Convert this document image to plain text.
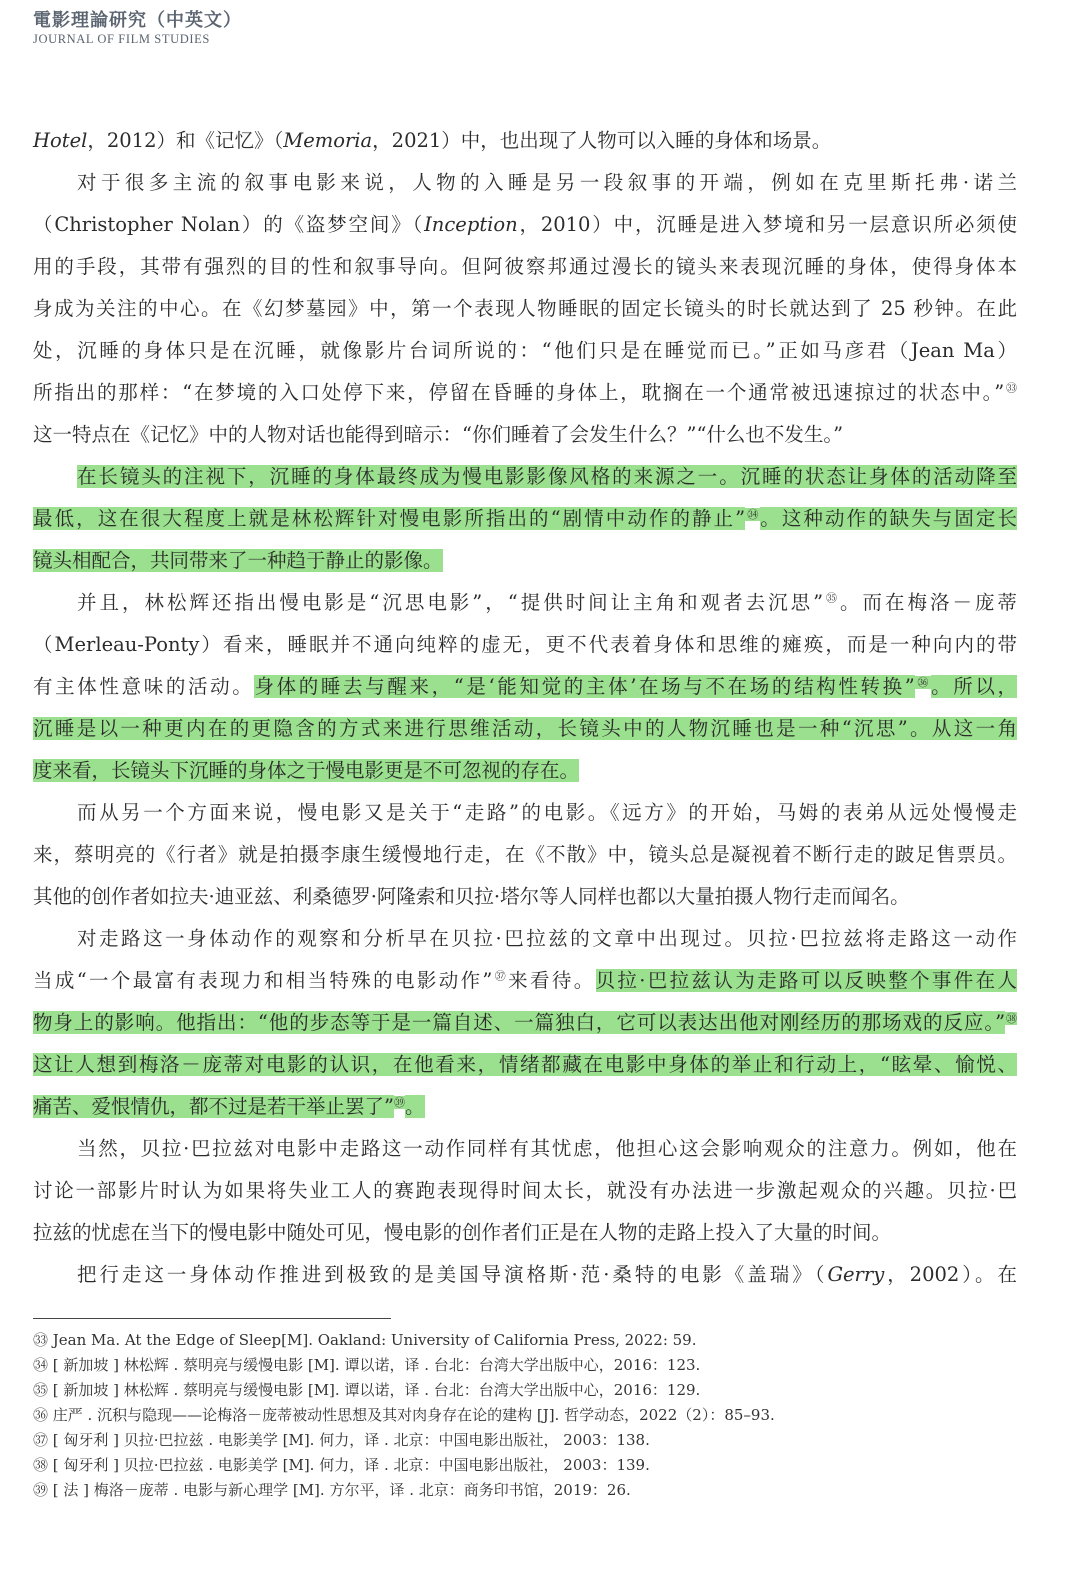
電影理論研究（中英文）
JOURNAL OF FILM STUDIES
Hotel，2012）和《记忆》（Memoria，2021）中，也出现了人物可以入睡的身体和场景。
对于很多主流的叙事电影来说，人物的入睡是另一段叙事的开端，例如在克里斯托弗·诺兰
（Christopher Nolan）的《盗梦空间》（Inception，2010）中，沉睡是进入梦境和另一层意识所必须使
用的手段，其带有强烈的目的性和叙事导向。但阿彼察邦通过漫长的镜头来表现沉睡的身体，使得身体本
身成为关注的中心。在《幻梦墓园》中，第一个表现人物睡眠的固定长镜头的时长就达到了 25 秒钟。在此
处，沉睡的身体只是在沉睡，就像影片台词所说的：“他们只是在睡觉而已。”正如马彦君（Jean Ma）
所指出的那样：“在梦境的入口处停下来，停留在昏睡的身体上，耽搁在一个通常被迅速掠过的状态中。”$^㉝$
这一特点在《记忆》中的人物对话也能得到暗示：“你们睡着了会发生什么？”“什么也不发生。”
在长镜头的注视下，沉睡的身体最终成为慢电影影像风格的来源之一。沉睡的状态让身体的活动降至
最低，这在很大程度上就是林松辉针对慢电影所指出的“剧情中动作的静止”$^㉞$。这种动作的缺失与固定长
镜头相配合，共同带来了一种趋于静止的影像。
并且，林松辉还指出慢电影是“沉思电影”，“提供时间让主角和观者去沉思”$^㉟$。而在梅洛－庞蒂
（Merleau-Ponty）看来，睡眠并不通向纯粹的虚无，更不代表着身体和思维的瘫痪，而是一种向内的带
有主体性意味的活动。身体的睡去与醒来，“是‘能知觉的主体’在场与不在场的结构性转换”$^㊱$。所以，
沉睡是以一种更内在的更隐含的方式来进行思维活动，长镜头中的人物沉睡也是一种“沉思”。从这一角
度来看，长镜头下沉睡的身体之于慢电影更是不可忽视的存在。
而从另一个方面来说，慢电影又是关于“走路”的电影。《远方》的开始，马姆的表弟从远处慢慢走
来，蔡明亮的《行者》就是拍摄李康生缓慢地行走，在《不散》中，镜头总是凝视着不断行走的跛足售票员。
其他的创作者如拉夫·迪亚兹、利桑德罗·阿隆索和贝拉·塔尔等人同样也都以大量拍摄人物行走而闻名。
对走路这一身体动作的观察和分析早在贝拉·巴拉兹的文章中出现过。贝拉·巴拉兹将走路这一动作
当成“一个最富有表现力和相当特殊的电影动作”$^㊲$来看待。贝拉·巴拉兹认为走路可以反映整个事件在人
物身上的影响。他指出：“他的步态等于是一篇自述、一篇独白，它可以表达出他对刚经历的那场戏的反应。”$^㊳$
这让人想到梅洛－庞蒂对电影的认识，在他看来，情绪都藏在电影中身体的举止和行动上，“眩晕、愉悦、
痛苦、爱恨情仇，都不过是若干举止罢了”$^㊴$。
当然，贝拉·巴拉兹对电影中走路这一动作同样有其忧虑，他担心这会影响观众的注意力。例如，他在
讨论一部影片时认为如果将失业工人的赛跑表现得时间太长，就没有办法进一步激起观众的兴趣。贝拉·巴
拉兹的忧虑在当下的慢电影中随处可见，慢电影的创作者们正是在人物的走路上投入了大量的时间。
把行走这一身体动作推进到极致的是美国导演格斯·范·桑特的电影《盖瑞》（Gerry，2002）。在
㉝ Jean Ma. At the Edge of Sleep[M]. Oakland: University of California Press, 2022: 59.
㉞ [ 新加坡 ] 林松辉 . 蔡明亮与缓慢电影 [M]. 谭以诺，译 . 台北：台湾大学出版中心，2016：123.
㉟ [ 新加坡 ] 林松辉 . 蔡明亮与缓慢电影 [M]. 谭以诺，译 . 台北：台湾大学出版中心，2016：129.
㊱ 庄严 . 沉积与隐现——论梅洛－庞蒂被动性思想及其对肉身存在论的建构 [J]. 哲学动态，2022（2）：85–93.
㊲ [ 匈牙利 ] 贝拉·巴拉兹 . 电影美学 [M]. 何力，译 . 北京：中国电影出版社， 2003：138.
㊳ [ 匈牙利 ] 贝拉·巴拉兹 . 电影美学 [M]. 何力，译 . 北京：中国电影出版社， 2003：139.
㊴ [ 法 ] 梅洛－庞蒂 . 电影与新心理学 [M]. 方尔平，译 . 北京：商务印书馆，2019：26.
